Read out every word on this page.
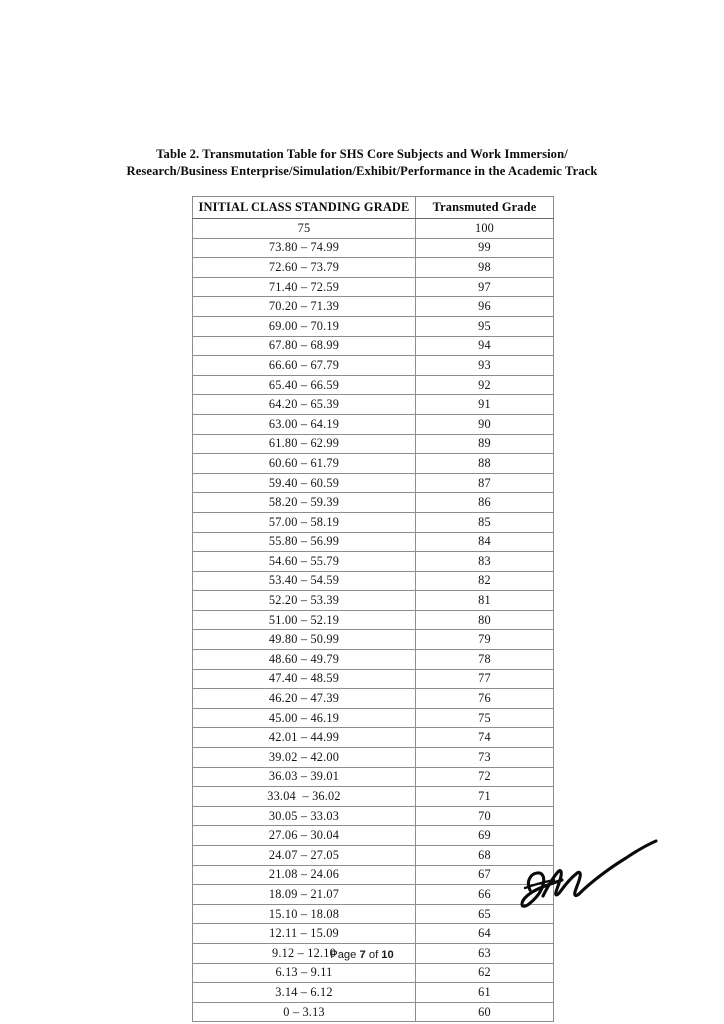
Table 2. Transmutation Table for SHS Core Subjects and Work Immersion/
Research/Business Enterprise/Simulation/Exhibit/Performance in the Academic Track
INITIAL CLASS STANDING GRADE	Transmuted Grade
75	100
73.80 – 74.99	99
72.60 – 73.79	98
71.40 – 72.59	97
70.20 – 71.39	96
69.00 – 70.19	95
67.80 – 68.99	94
66.60 – 67.79	93
65.40 – 66.59	92
64.20 – 65.39	91
63.00 – 64.19	90
61.80 – 62.99	89
60.60 – 61.79	88
59.40 – 60.59	87
58.20 – 59.39	86
57.00 – 58.19	85
55.80 – 56.99	84
54.60 – 55.79	83
53.40 – 54.59	82
52.20 – 53.39	81
51.00 – 52.19	80
49.80 – 50.99	79
48.60 – 49.79	78
47.40 – 48.59	77
46.20 – 47.39	76
45.00 – 46.19	75
42.01 – 44.99	74
39.02 – 42.00	73
36.03 – 39.01	72
33.04  – 36.02	71
30.05 – 33.03	70
27.06 – 30.04	69
24.07 – 27.05	68
21.08 – 24.06	67
18.09 – 21.07	66
15.10 – 18.08	65
12.11 – 15.09	64
9.12 – 12.10	63
6.13 – 9.11	62
3.14 – 6.12	61
0 – 3.13	60
Page 7 of 10
